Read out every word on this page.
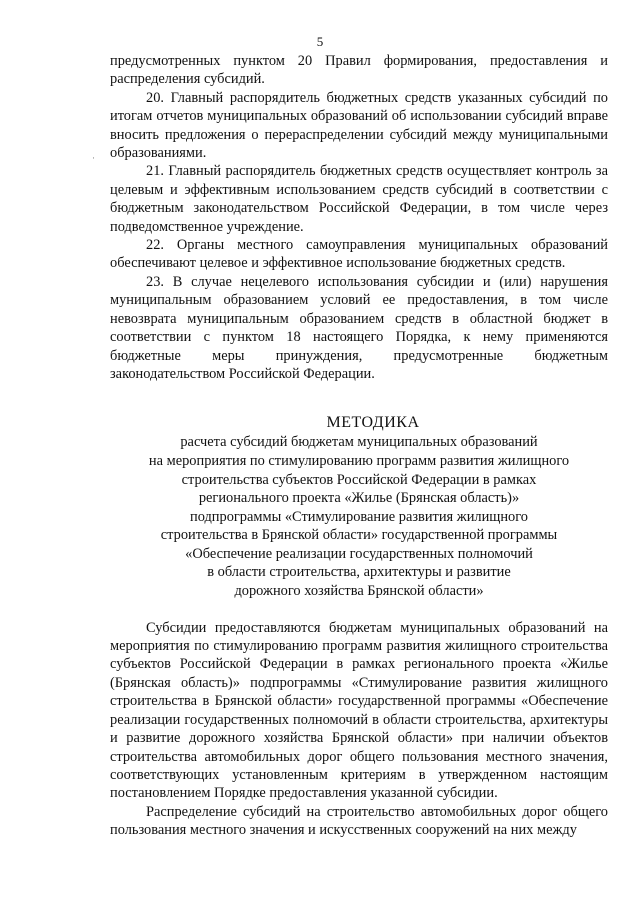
5
·

предусмотренных пунктом 20 Правил формирования, предоставления и распределения субсидий.

20. Главный распорядитель бюджетных средств указанных субсидий по итогам отчетов муниципальных образований об использовании субсидий вправе вносить предложения о перераспределении субсидий между муниципальными образованиями.

21. Главный распорядитель бюджетных средств осуществляет контроль за целевым и эффективным использованием средств субсидий в соответствии с бюджетным законодательством Российской Федерации, в том числе через подведомственное учреждение.

22. Органы местного самоуправления муниципальных образований обеспечивают целевое и эффективное использование бюджетных средств.

23. В случае нецелевого использования субсидии и (или) нарушения муниципальным образованием условий ее предоставления, в том числе невозврата муниципальным образованием средств в областной бюджет в соответствии с пунктом 18 настоящего Порядка, к нему применяются бюджетные меры принуждения, предусмотренные бюджетным законодательством Российской Федерации.

МЕТОДИКА

расчета субсидий бюджетам муниципальных образований
на мероприятия по стимулированию программ развития жилищного
строительства субъектов Российской Федерации в рамках
регионального проекта «Жилье (Брянская область)»
подпрограммы «Стимулирование развития жилищного
строительства в Брянской области» государственной программы
«Обеспечение реализации государственных полномочий
в области строительства, архитектуры и развитие
дорожного хозяйства Брянской области»

Субсидии предоставляются бюджетам муниципальных образований на мероприятия по стимулированию программ развития жилищного строительства субъектов Российской Федерации в рамках регионального проекта «Жилье (Брянская область)» подпрограммы «Стимулирование развития жилищного строительства в Брянской области» государственной программы «Обеспечение реализации государственных полномочий в области строительства, архитектуры и развитие дорожного хозяйства Брянской области» при наличии объектов строительства автомобильных дорог общего пользования местного значения, соответствующих установленным критериям в утвержденном настоящим постановлением Порядке предоставления указанной субсидии.

Распределение субсидий на строительство автомобильных дорог общего пользования местного значения и искусственных сооружений на них между
